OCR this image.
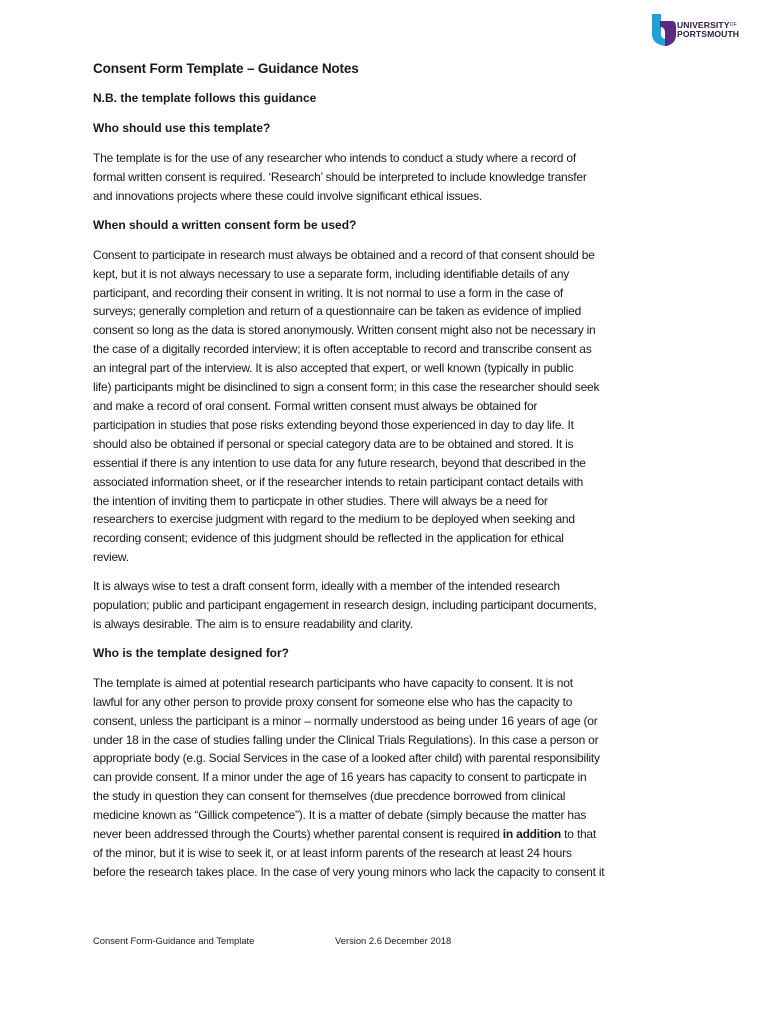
$UNIVERSITY^{OF}$
PORTSMOUTH
Consent Form Template – Guidance Notes
N.B. the template follows this guidance
Who should use this template?

The template is for the use of any researcher who intends to conduct a study where a record of
formal written consent is required. ‘Research’ should be interpreted to include knowledge transfer
and innovations projects where these could involve significant ethical issues.

When should a written consent form be used?

Consent to participate in research must always be obtained and a record of that consent should be
kept, but it is not always necessary to use a separate form, including identifiable details of any
participant, and recording their consent in writing. It is not normal to use a form in the case of
surveys; generally completion and return of a questionnaire can be taken as evidence of implied
consent so long as the data is stored anonymously. Written consent might also not be necessary in
the case of a digitally recorded interview; it is often acceptable to record and transcribe consent as
an integral part of the interview. It is also accepted that expert, or well known (typically in public
life) participants might be disinclined to sign a consent form; in this case the researcher should seek
and make a record of oral consent. Formal written consent must always be obtained for
participation in studies that pose risks extending beyond those experienced in day to day life. It
should also be obtained if personal or special category data are to be obtained and stored. It is
essential if there is any intention to use data for any future research, beyond that described in the
associated information sheet, or if the researcher intends to retain participant contact details with
the intention of inviting them to particpate in other studies. There will always be a need for
researchers to exercise judgment with regard to the medium to be deployed when seeking and
recording consent; evidence of this judgment should be reflected in the application for ethical
review.

It is always wise to test a draft consent form, ideally with a member of the intended research
population; public and participant engagement in research design, including participant documents,
is always desirable. The aim is to ensure readability and clarity.

Who is the template designed for?

The template is aimed at potential research participants who have capacity to consent. It is not
lawful for any other person to provide proxy consent for someone else who has the capacity to
consent, unless the participant is a minor – normally understood as being under 16 years of age (or
under 18 in the case of studies falling under the Clinical Trials Regulations). In this case a person or
appropriate body (e.g. Social Services in the case of a looked after child) with parental responsibility
can provide consent. If a minor under the age of 16 years has capacity to consent to particpate in
the study in question they can consent for themselves (due precdence borrowed from clinical
medicine known as “Gillick competence”). It is a matter of debate (simply because the matter has
never been addressed through the Courts) whether parental consent is required in addition to that
of the minor, but it is wise to seek it, or at least inform parents of the research at least 24 hours
before the research takes place. In the case of very young minors who lack the capacity to consent it

Consent Form-Guidance and Template	Version 2.6 December 2018
